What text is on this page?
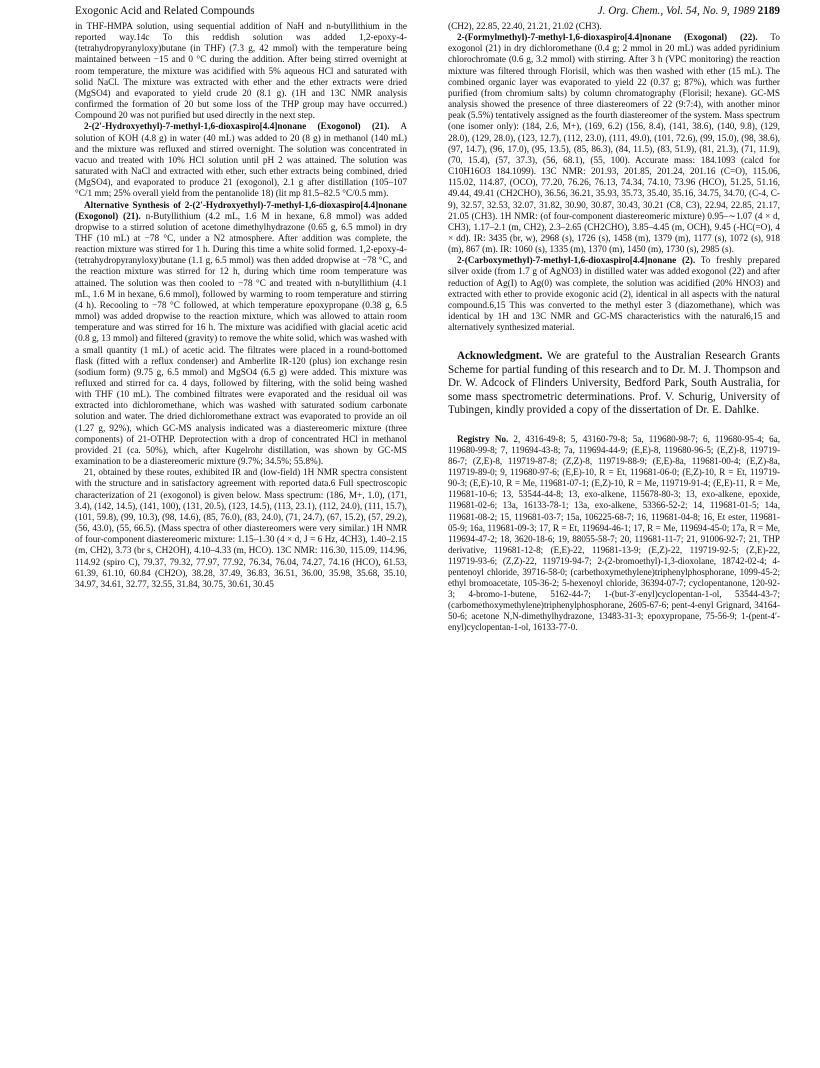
Exogonic Acid and Related Compounds	J. Org. Chem., Vol. 54, No. 9, 1989 2189

in THF-HMPA solution, using sequential addition of NaH and n-butyllithium in the reported way.14c To this reddish solution was added 1,2-epoxy-4-(tetrahydropyranyloxy)butane (in THF) (7.3 g, 42 mmol) with the temperature being maintained between −15 and 0 °C during the addition. After being stirred overnight at room temperature, the mixture was acidified with 5% aqueous HCl and saturated with solid NaCl. The mixture was extracted with ether and the ether extracts were dried (MgSO4) and evaporated to yield crude 20 (8.1 g). (1H and 13C NMR analysis confirmed the formation of 20 but some loss of the THP group may have occurred.) Compound 20 was not purified but used directly in the next step.

2-(2′-Hydroxyethyl)-7-methyl-1,6-dioxaspiro[4.4]nonane (Exogonol) (21). A solution of KOH (4.8 g) in water (40 mL) was added to 20 (8 g) in methanol (140 mL) and the mixture was refluxed and stirred overnight. The solution was concentrated in vacuo and treated with 10% HCl solution until pH 2 was attained. The solution was saturated with NaCl and extracted with ether, such ether extracts being combined, dried (MgSO4), and evaporated to produce 21 (exogonol), 2.1 g after distillation (105–107 °C/1 mm; 25% overall yield from the pentanolide 18) (lit mp 81.5–82.5 °C/0.5 mm).

Alternative Synthesis of 2-(2′-Hydroxyethyl)-7-methyl-1,6-dioxaspiro[4.4]nonane (Exogonol) (21). n-Butyllithium (4.2 mL, 1.6 M in hexane, 6.8 mmol) was added dropwise to a stirred solution of acetone dimethylhydrazone (0.65 g, 6.5 mmol) in dry THF (10 mL) at −78 °C, under a N2 atmosphere. After addition was complete, the reaction mixture was stirred for 1 h. During this time a white solid formed. 1,2-epoxy-4-(tetrahydropyranyloxy)butane (1.1 g, 6.5 mmol) was then added dropwise at −78 °C, and the reaction mixture was stirred for 12 h, during which time room temperature was attained. The solution was then cooled to −78 °C and treated with n-butyllithium (4.1 mL, 1.6 M in hexane, 6.6 mmol), followed by warming to room temperature and stirring (4 h). Recooling to −78 °C followed, at which temperature epoxypropane (0.38 g, 6.5 mmol) was added dropwise to the reaction mixture, which was allowed to attain room temperature and was stirred for 16 h. The mixture was acidified with glacial acetic acid (0.8 g, 13 mmol) and filtered (gravity) to remove the white solid, which was washed with a small quantity (1 mL) of acetic acid. The filtrates were placed in a round-bottomed flask (fitted with a reflux condenser) and Amberlite IR-120 (plus) ion exchange resin (sodium form) (9.75 g, 6.5 mmol) and MgSO4 (6.5 g) were added. This mixture was refluxed and stirred for ca. 4 days, followed by filtering, with the solid being washed with THF (10 mL). The combined filtrates were evaporated and the residual oil was extracted into dichloromethane, which was washed with saturated sodium carbonate solution and water. The dried dichloromethane extract was evaporated to provide an oil (1.27 g, 92%), which GC-MS analysis indicated was a diastereomeric mixture (three components) of 21-OTHP. Deprotection with a drop of concentrated HCl in methanol provided 21 (ca. 50%), which, after Kugelrohr distillation, was shown by GC-MS examination to be a diastereomeric mixture (9.7%; 34.5%; 55.8%).

21, obtained by these routes, exhibited IR and (low-field) 1H NMR spectra consistent with the structure and in satisfactory agreement with reported data.6 Full spectroscopic characterization of 21 (exogonol) is given below. Mass spectrum: (186, M+, 1.0), (171, 3.4), (142, 14.5), (141, 100), (131, 20.5), (123, 14.5), (113, 23.1), (112, 24.0), (111, 15.7), (101, 59.8), (99, 10.3), (98, 14.6), (85, 76.0), (83, 24.0), (71, 24.7), (67, 15.2), (57, 29.2), (56, 43.0), (55, 66.5). (Mass spectra of other diastereomers were very similar.) 1H NMR of four-component diastereomeric mixture: 1.15–1.30 (4 × d, J = 6 Hz, 4CH3), 1.40–2.15 (m, CH2), 3.73 (br s, CH2OH), 4.10–4.33 (m, HCO). 13C NMR: 116.30, 115.09, 114.96, 114.92 (spiro C), 79.37, 79.32, 77.97, 77.92, 76.34, 76.04, 74.27, 74.16 (HCO), 61.53, 61.39, 61.10, 60.84 (CH2O), 38.28, 37.49, 36.83, 36.51, 36.00, 35.98, 35.68, 35.10, 34.97, 34.61, 32.77, 32.55, 31.84, 30.75, 30.61, 30.45

(CH2), 22.85, 22.40, 21.21, 21.02 (CH3).

2-(Formylmethyl)-7-methyl-1,6-dioxaspiro[4.4]nonane (Exogonal) (22). To exogonol (21) in dry dichloromethane (0.4 g; 2 mmol in 20 mL) was added pyridinium chlorochromate (0.6 g, 3.2 mmol) with stirring. After 3 h (VPC monitoring) the reaction mixture was filtered through Florisil, which was then washed with ether (15 mL). The combined organic layer was evaporated to yield 22 (0.37 g; 87%), which was further purified (from chromium salts) by column chromatography (Florisil; hexane). GC-MS analysis showed the presence of three diastereomers of 22 (9:7:4), with another minor peak (5.5%) tentatively assigned as the fourth diastereomer of the system. Mass spectrum (one isomer only): (184, 2.6, M+), (169, 6.2) (156, 8.4), (141, 38.6), (140, 9.8), (129, 28.0), (129, 28.0), (123, 12.7), (112, 23.0), (111, 49.0), (101, 72.6), (99, 15.0), (98, 38.6), (97, 14.7), (96, 17.0), (95, 13.5), (85, 86.3), (84, 11.5), (83, 51.9), (81, 21.3), (71, 11.9), (70, 15.4), (57, 37.3), (56, 68.1), (55, 100). Accurate mass: 184.1093 (calcd for C10H16O3 184.1099). 13C NMR: 201.93, 201.85, 201.24, 201.16 (C=O), 115.06, 115.02, 114.87, (OCO), 77.20, 76.26, 76.13, 74.34, 74.10, 73.96 (HCO), 51.25, 51.16, 49.44, 49.41 (CH2CHO), 36.56, 36.21, 35.93, 35.73, 35.40, 35.16, 34.75, 34.70, (C-4, C-9), 32.57, 32.53, 32.07, 31.82, 30.90, 30.87, 30.43, 30.21 (C8, C3), 22.94, 22.85, 21.17, 21.05 (CH3). 1H NMR: (of four-component diastereomeric mixture) 0.95–∼1.07 (4 × d, CH3), 1.17–2.1 (m, CH2), 2.3–2.65 (CH2CHO), 3.85–4.45 (m, OCH), 9.45 (-HC(=O), 4 × dd). IR: 3435 (br, w), 2968 (s), 1726 (s), 1458 (m), 1379 (m), 1177 (s), 1072 (s), 918 (m), 867 (m). IR: 1060 (s), 1335 (m), 1370 (m), 1450 (m), 1730 (s), 2985 (s).

2-(Carboxymethyl)-7-methyl-1,6-dioxaspiro[4.4]nonane (2). To freshly prepared silver oxide (from 1.7 g of AgNO3) in distilled water was added exogonol (22) and after reduction of Ag(I) to Ag(0) was complete, the solution was acidified (20% HNO3) and extracted with ether to provide exogonic acid (2), identical in all aspects with the natural compound.6,15 This was converted to the methyl ester 3 (diazomethane), which was identical by 1H and 13C NMR and GC-MS characteristics with the natural6,15 and alternatively synthesized material.

Acknowledgment. We are grateful to the Australian Research Grants Scheme for partial funding of this research and to Dr. M. J. Thompson and Dr. W. Adcock of Flinders University, Bedford Park, South Australia, for some mass spectrometric determinations. Prof. V. Schurig, University of Tubingen, kindly provided a copy of the dissertation of Dr. E. Dahlke.

Registry No. 2, 4316-49-8; 5, 43160-79-8; 5a, 119680-98-7; 6, 119680-95-4; 6a, 119680-99-8; 7, 119694-43-8; 7a, 119694-44-9; (E,E)-8, 119680-96-5; (E,Z)-8, 119719-86-7; (Z,E)-8, 119719-87-8; (Z,Z)-8, 119719-88-9; (E,E)-8a, 119681-00-4; (E,Z)-8a, 119719-89-0; 9, 119680-97-6; (E,E)-10, R = Et, 119681-06-0; (E,Z)-10, R = Et, 119719-90-3; (E,E)-10, R = Me, 119681-07-1; (E,Z)-10, R = Me, 119719-91-4; (E,E)-11, R = Me, 119681-10-6; 13, 53544-44-8; 13, exo-alkene, 115678-80-3; 13, exo-alkene, epoxide, 119681-02-6; 13a, 16133-78-1; 13a, exo-alkene, 53366-52-2; 14, 119681-01-5; 14a, 119681-08-2; 15, 119681-03-7; 15a, 106225-68-7; 16, 119681-04-8; 16, Et ester, 119681-05-9; 16a, 119681-09-3; 17, R = Et, 119694-46-1; 17, R = Me, 119694-45-0; 17a, R = Me, 119694-47-2; 18, 3620-18-6; 19, 88055-58-7; 20, 119681-11-7; 21, 91006-92-7; 21, THP derivative, 119681-12-8; (E,E)-22, 119681-13-9; (E,Z)-22, 119719-92-5; (Z,E)-22, 119719-93-6; (Z,Z)-22, 119719-94-7; 2-(2-bromoethyl)-1,3-dioxolane, 18742-02-4; 4-pentenoyl chloride, 39716-58-0; (carbethoxymethylene)triphenylphosphorane, 1099-45-2; ethyl bromoacetate, 105-36-2; 5-hexenoyl chloride, 36394-07-7; cyclopentanone, 120-92-3; 4-bromo-1-butene, 5162-44-7; 1-(but-3′-enyl)cyclopentan-1-ol, 53544-43-7; (carbomethoxymethylene)triphenylphosphorane, 2605-67-6; pent-4-enyl Grignard, 34164-50-6; acetone N,N-dimethylhydrazone, 13483-31-3; epoxypropane, 75-56-9; 1-(pent-4′-enyl)cyclopentan-1-ol, 16133-77-0.
